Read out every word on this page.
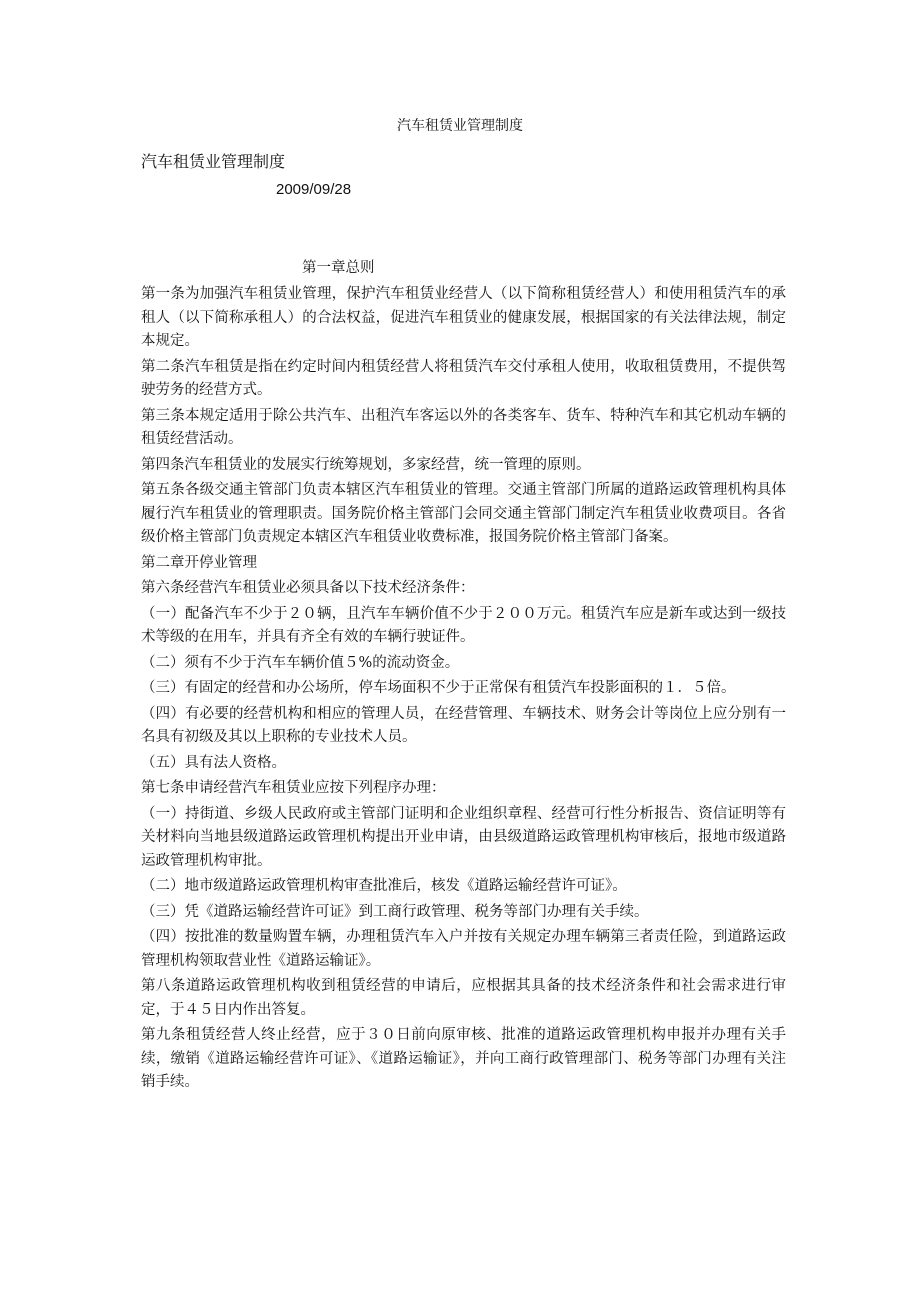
汽车租赁业管理制度
汽车租赁业管理制度
2009/09/28
第一章总则

第一条为加强汽车租赁业管理，保护汽车租赁业经营人（以下简称租赁经营人）和使用租赁汽车的承租人（以下简称承租人）的合法权益，促进汽车租赁业的健康发展，根据国家的有关法律法规，制定本规定。

第二条汽车租赁是指在约定时间内租赁经营人将租赁汽车交付承租人使用，收取租赁费用，不提供驾驶劳务的经营方式。

第三条本规定适用于除公共汽车、出租汽车客运以外的各类客车、货车、特种汽车和其它机动车辆的租赁经营活动。

第四条汽车租赁业的发展实行统筹规划，多家经营，统一管理的原则。

第五条各级交通主管部门负责本辖区汽车租赁业的管理。交通主管部门所属的道路运政管理机构具体履行汽车租赁业的管理职责。国务院价格主管部门会同交通主管部门制定汽车租赁业收费项目。各省级价格主管部门负责规定本辖区汽车租赁业收费标准，报国务院价格主管部门备案。

第二章开停业管理

第六条经营汽车租赁业必须具备以下技术经济条件：

（一）配备汽车不少于２０辆，且汽车车辆价值不少于２００万元。租赁汽车应是新车或达到一级技术等级的在用车，并具有齐全有效的车辆行驶证件。

（二）须有不少于汽车车辆价值５%的流动资金。

（三）有固定的经营和办公场所，停车场面积不少于正常保有租赁汽车投影面积的１．５倍。

（四）有必要的经营机构和相应的管理人员，在经营管理、车辆技术、财务会计等岗位上应分别有一名具有初级及其以上职称的专业技术人员。

（五）具有法人资格。

第七条申请经营汽车租赁业应按下列程序办理：

（一）持街道、乡级人民政府或主管部门证明和企业组织章程、经营可行性分析报告、资信证明等有关材料向当地县级道路运政管理机构提出开业申请，由县级道路运政管理机构审核后，报地市级道路运政管理机构审批。

（二）地市级道路运政管理机构审查批准后，核发《道路运输经营许可证》。

（三）凭《道路运输经营许可证》到工商行政管理、税务等部门办理有关手续。

（四）按批准的数量购置车辆，办理租赁汽车入户并按有关规定办理车辆第三者责任险，到道路运政管理机构领取营业性《道路运输证》。

第八条道路运政管理机构收到租赁经营的申请后，应根据其具备的技术经济条件和社会需求进行审定，于４５日内作出答复。

第九条租赁经营人终止经营，应于３０日前向原审核、批准的道路运政管理机构申报并办理有关手续，缴销《道路运输经营许可证》、《道路运输证》，并向工商行政管理部门、税务等部门办理有关注销手续。
